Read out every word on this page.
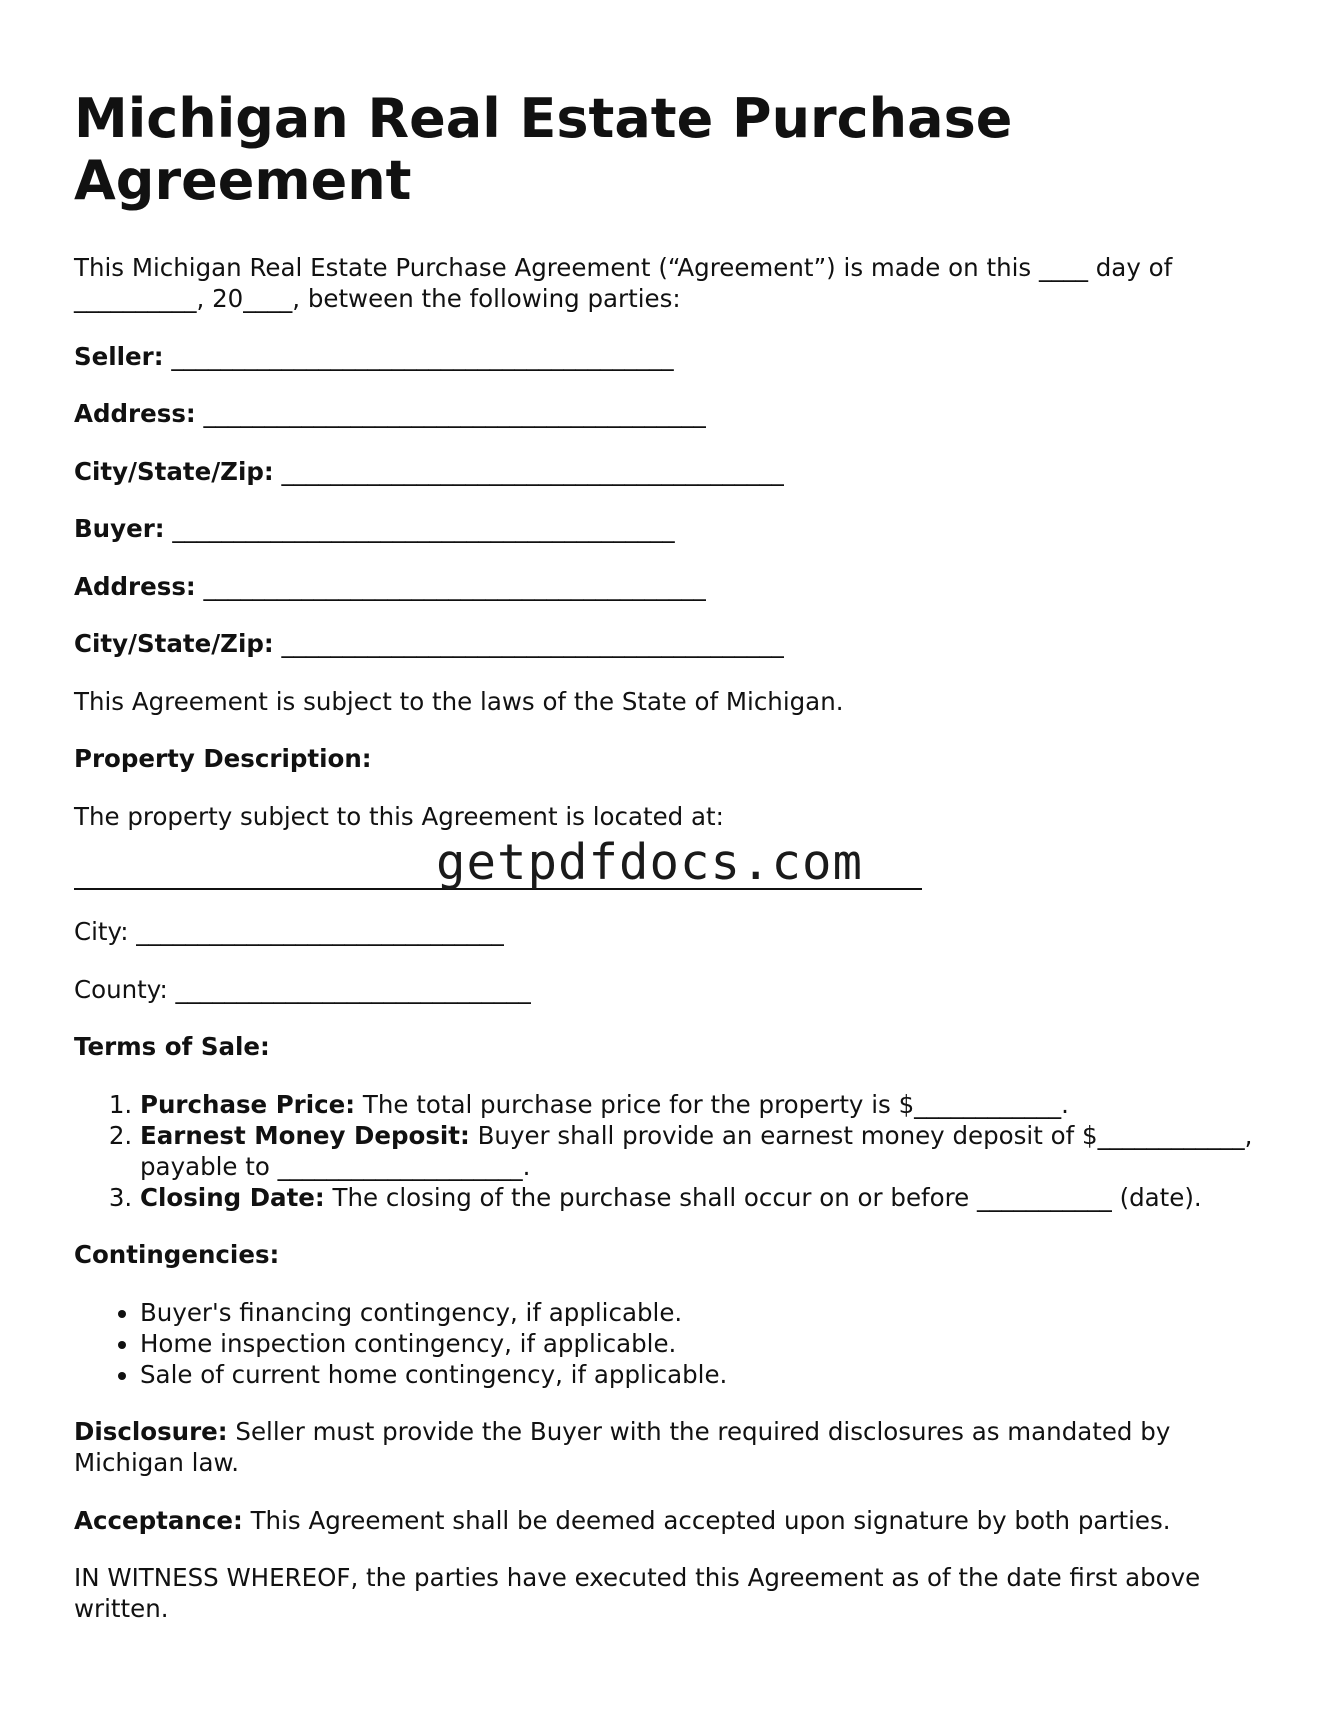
Michigan Real Estate Purchase Agreement

This Michigan Real Estate Purchase Agreement (“Agreement”) is made on this ____ day of __________, 20____, between the following parties:

Seller: _________________________________________

Address: _________________________________________

City/State/Zip: _________________________________________

Buyer: _________________________________________

Address: _________________________________________

City/State/Zip: _________________________________________

This Agreement is subject to the laws of the State of Michigan.

Property Description:

The property subject to this Agreement is located at:

getpdfdocs.com

City: ______________________________

County: _____________________________

Terms of Sale:

1. Purchase Price: The total purchase price for the property is $____________.
2. Earnest Money Deposit: Buyer shall provide an earnest money deposit of $____________, payable to ____________________.
3. Closing Date: The closing of the purchase shall occur on or before ___________ (date).

Contingencies:

• Buyer's financing contingency, if applicable.
• Home inspection contingency, if applicable.
• Sale of current home contingency, if applicable.

Disclosure: Seller must provide the Buyer with the required disclosures as mandated by Michigan law.

Acceptance: This Agreement shall be deemed accepted upon signature by both parties.

IN WITNESS WHEREOF, the parties have executed this Agreement as of the date first above written.
